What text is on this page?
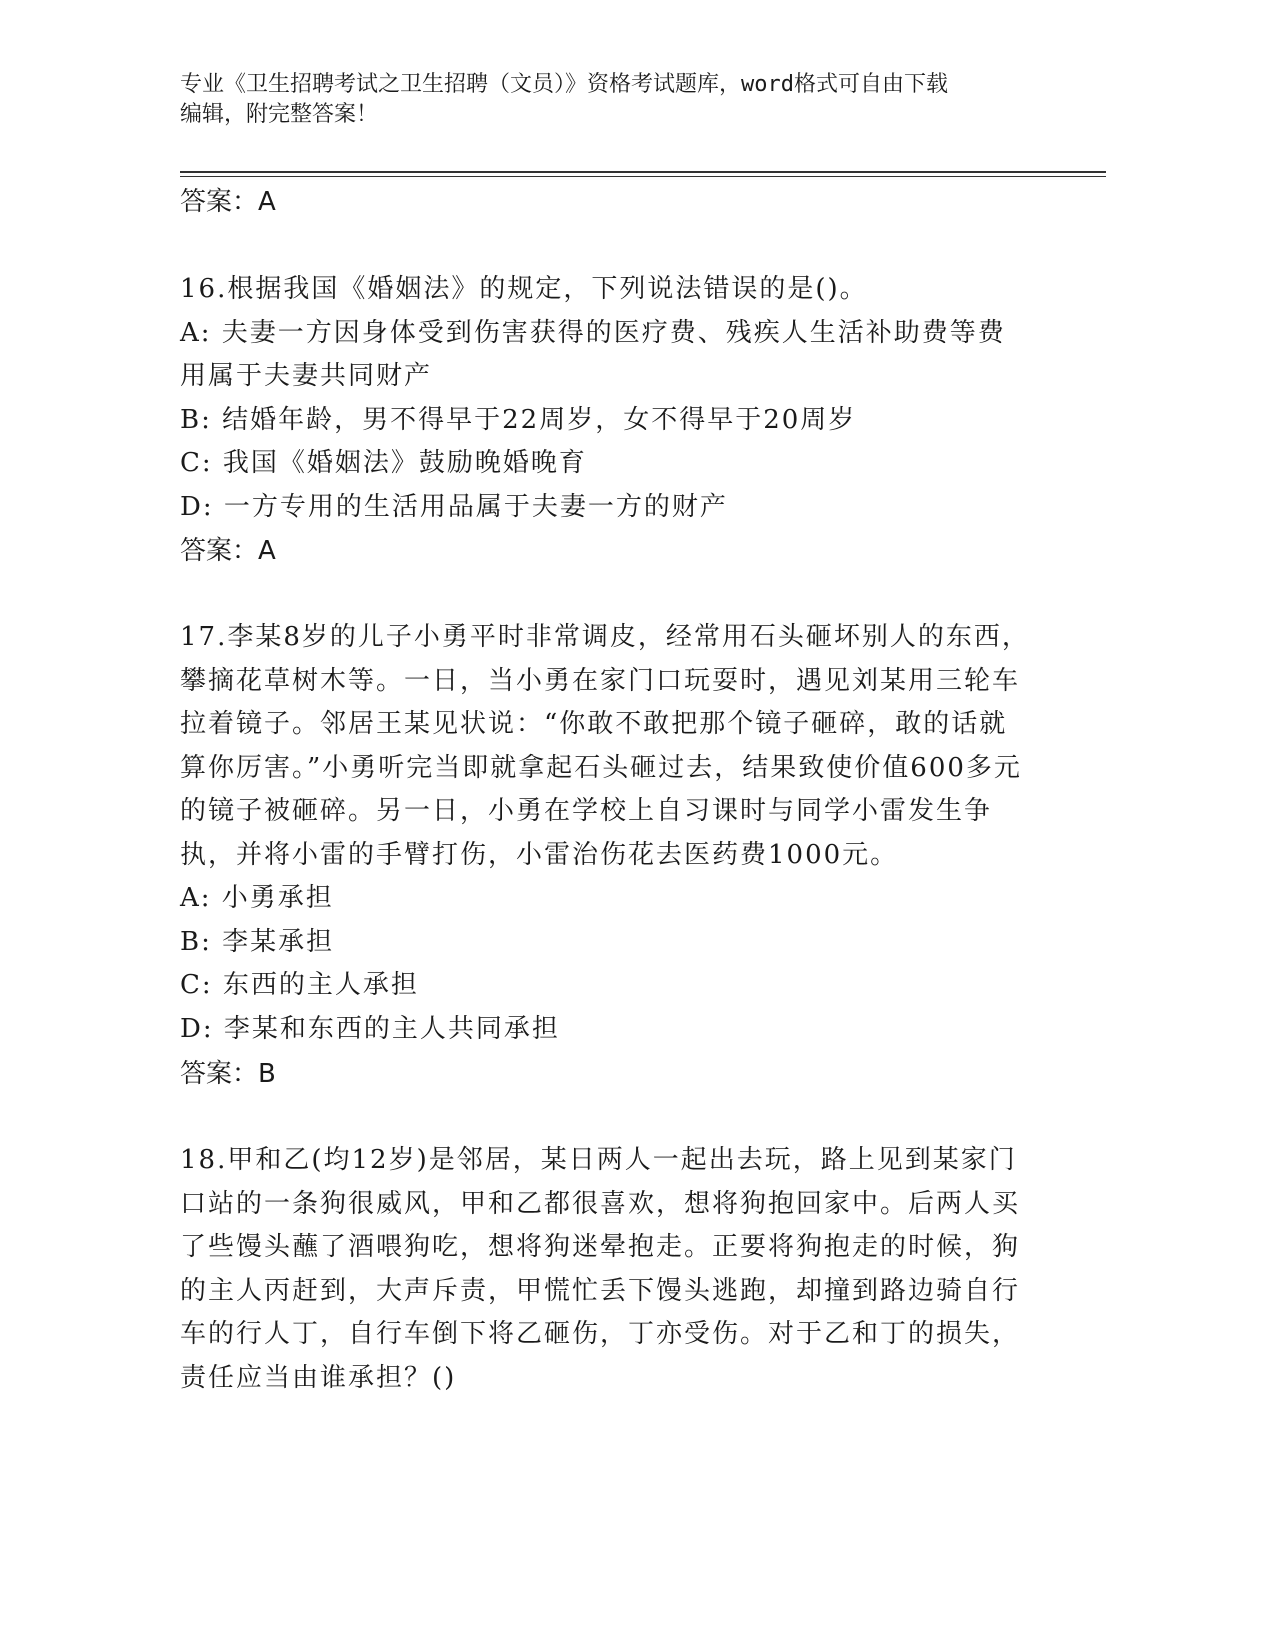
专业《卫生招聘考试之卫生招聘（文员）》资格考试题库，word格式可自由下载
编辑，附完整答案！
答案：A
16.根据我国《婚姻法》的规定，下列说法错误的是()。
A: 夫妻一方因身体受到伤害获得的医疗费、残疾人生活补助费等费用属于夫妻共同财产
B: 结婚年龄，男不得早于22周岁，女不得早于20周岁
C: 我国《婚姻法》鼓励晚婚晚育
D: 一方专用的生活用品属于夫妻一方的财产
答案：A
17.李某8岁的儿子小勇平时非常调皮，经常用石头砸坏别人的东西，攀摘花草树木等。一日，当小勇在家门口玩耍时，遇见刘某用三轮车拉着镜子。邻居王某见状说：“你敢不敢把那个镜子砸碎，敢的话就算你厉害。”小勇听完当即就拿起石头砸过去，结果致使价值600多元的镜子被砸碎。另一日，小勇在学校上自习课时与同学小雷发生争执，并将小雷的手臂打伤，小雷治伤花去医药费1000元。
A: 小勇承担
B: 李某承担
C: 东西的主人承担
D: 李某和东西的主人共同承担
答案：B
18.甲和乙(均12岁)是邻居，某日两人一起出去玩，路上见到某家门口站的一条狗很威风，甲和乙都很喜欢，想将狗抱回家中。后两人买了些馒头蘸了酒喂狗吃，想将狗迷晕抱走。正要将狗抱走的时候，狗的主人丙赶到，大声斥责，甲慌忙丢下馒头逃跑，却撞到路边骑自行车的行人丁，自行车倒下将乙砸伤，丁亦受伤。对于乙和丁的损失，责任应当由谁承担？()
